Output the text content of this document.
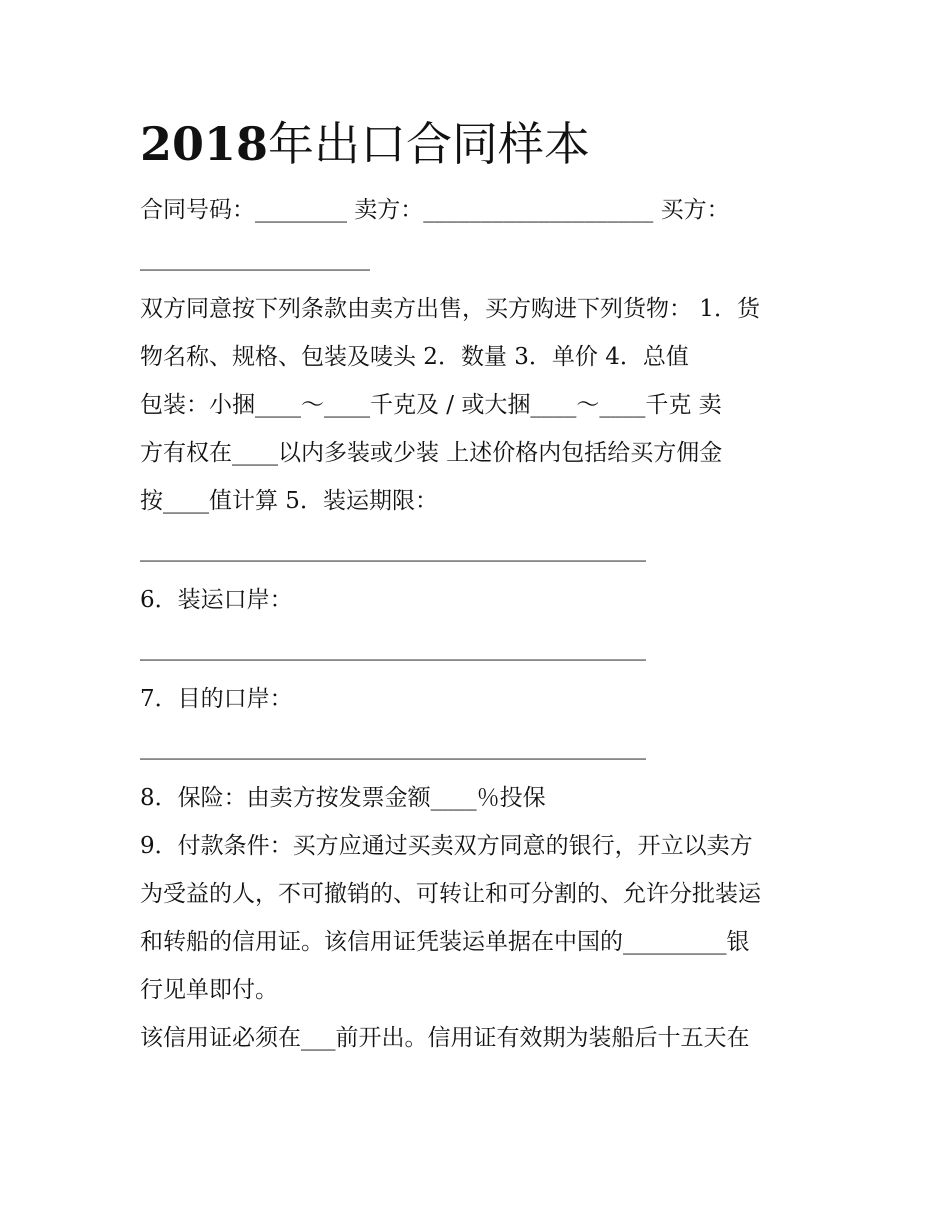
2018年出口合同样本

合同号码：________ 卖方：____________________ 买方：

____________________

双方同意按下列条款由卖方出售，买方购进下列货物： 1．货

物名称、规格、包装及唛头 2．数量 3．单价 4．总值

包装：小捆____～____千克及 / 或大捆____～____千克 卖

方有权在____以内多装或少装 上述价格内包括给买方佣金

按____值计算 5．装运期限：

____________________________________________

6．装运口岸：

____________________________________________

7．目的口岸：

____________________________________________

8．保险：由卖方按发票金额____％投保

9．付款条件：买方应通过买卖双方同意的银行，开立以卖方

为受益的人，不可撤销的、可转让和可分割的、允许分批装运

和转船的信用证。该信用证凭装运单据在中国的_________银

行见单即付。

该信用证必须在___前开出。信用证有效期为装船后十五天在
